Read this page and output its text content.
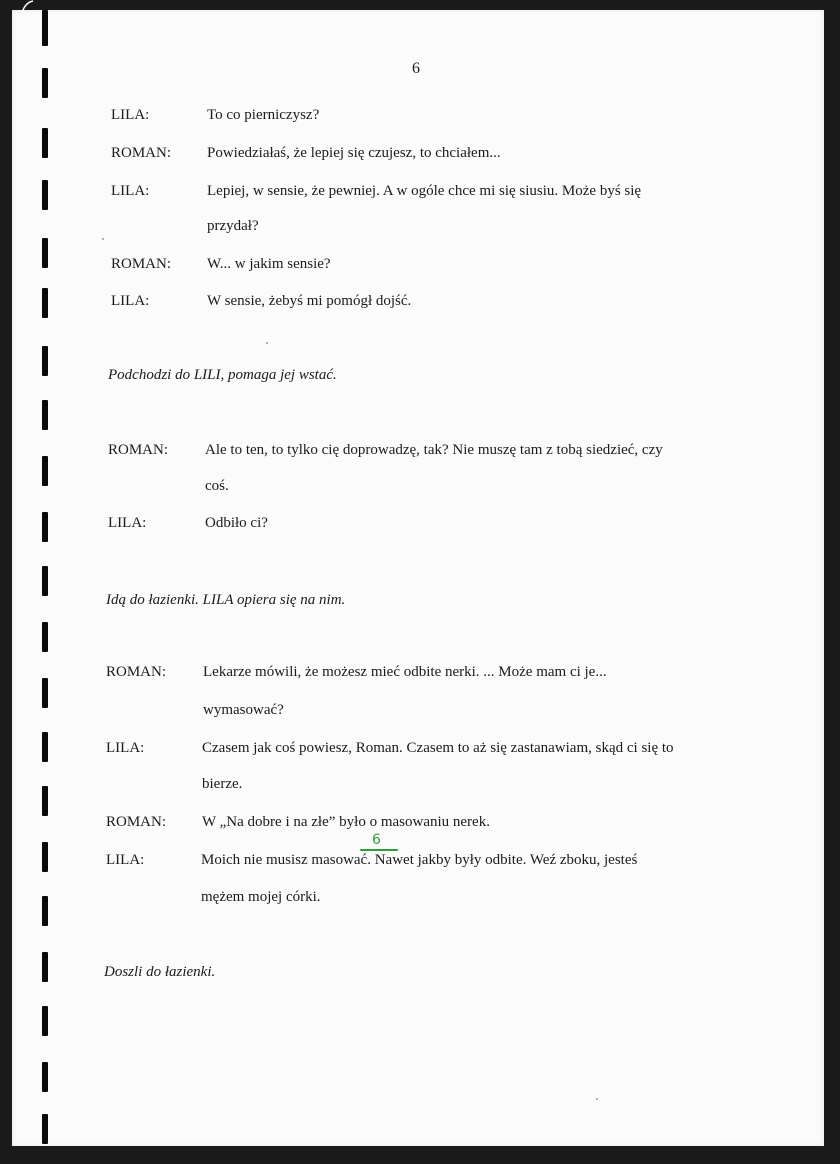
6
LILA:	To co pierniczysz?
ROMAN: Powiedziałaś, że lepiej się czujesz, to chciałem...
LILA:	Lepiej, w sensie, że pewniej. A w ogóle chce mi się siusiu. Może byś się
przydał?
ROMAN: W... w jakim sensie?
LILA:	W sensie, żebyś mi pomógł dojść.
Podchodzi do LILI, pomaga jej wstać.
ROMAN: Ale to ten, to tylko cię doprowadzę, tak? Nie muszę tam z tobą siedzieć, czy
coś.
LILA:	Odbiło ci?
Idą do łazienki. LILA opiera się na nim.
ROMAN: Lekarze mówili, że możesz mieć odbite nerki. ... Może mam ci je...
wymasować?
LILA:	Czasem jak coś powiesz, Roman. Czasem to aż się zastanawiam, skąd ci się to
bierze.
ROMAN: W „Na dobre i na złe” było o masowaniu nerek.
6
LILA:	Moich nie musisz masować. Nawet jakby były odbite. Weź zboku, jesteś
mężem mojej córki.
Doszli do łazienki.
